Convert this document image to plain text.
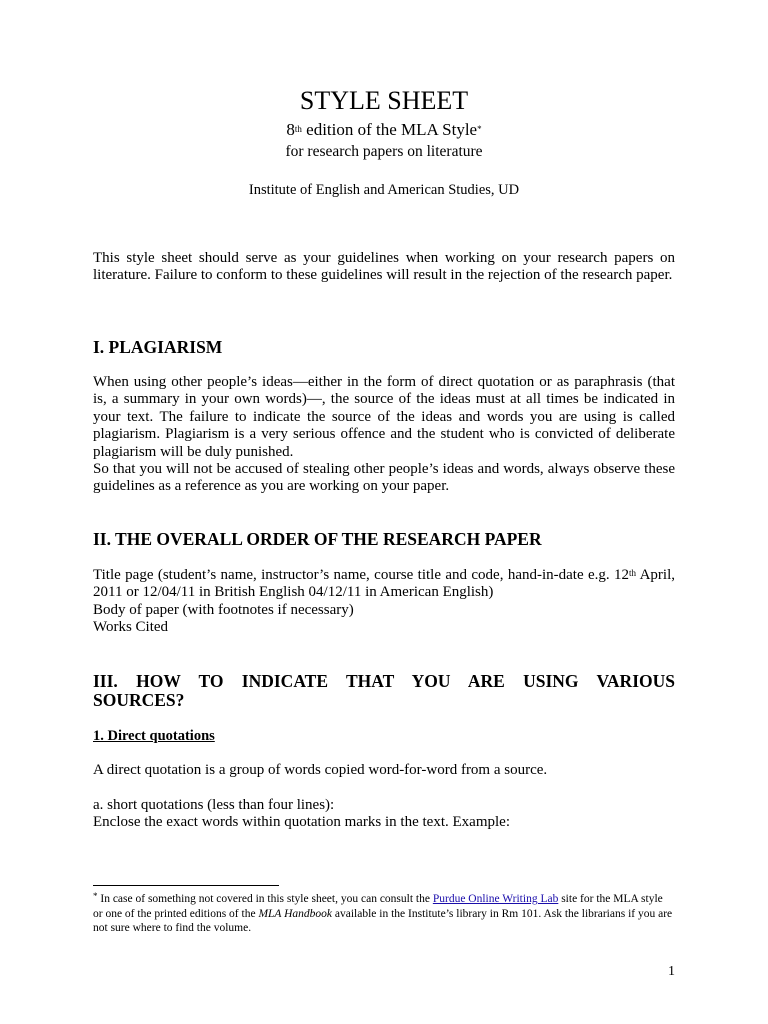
STYLE SHEET
8th edition of the MLA Style*
for research papers on literature
Institute of English and American Studies, UD

This style sheet should serve as your guidelines when working on your research papers on literature. Failure to conform to these guidelines will result in the rejection of the research paper.

I. PLAGIARISM

When using other people’s ideas—either in the form of direct quotation or as paraphrasis (that is, a summary in your own words)—, the source of the ideas must at all times be indicated in your text. The failure to indicate the source of the ideas and words you are using is called plagiarism. Plagiarism is a very serious offence and the student who is convicted of deliberate plagiarism will be duly punished.

So that you will not be accused of stealing other people’s ideas and words, always observe these guidelines as a reference as you are working on your paper.

II. THE OVERALL ORDER OF THE RESEARCH PAPER

Title page (student’s name, instructor’s name, course title and code, hand-in-date e.g. 12th April, 2011 or 12/04/11 in British English 04/12/11 in American English)

Body of paper (with footnotes if necessary)
Works Cited
III. HOW TO INDICATE THAT YOU ARE USING VARIOUS
SOURCES?
1. Direct quotations
A direct quotation is a group of words copied word-for-word from a source.
a. short quotations (less than four lines):
Enclose the exact words within quotation marks in the text. Example:

* In case of something not covered in this style sheet, you can consult the Purdue Online Writing Lab site for the MLA style or one of the printed editions of the MLA Handbook available in the Institute’s library in Rm 101. Ask the librarians if you are not sure where to find the volume.

1
